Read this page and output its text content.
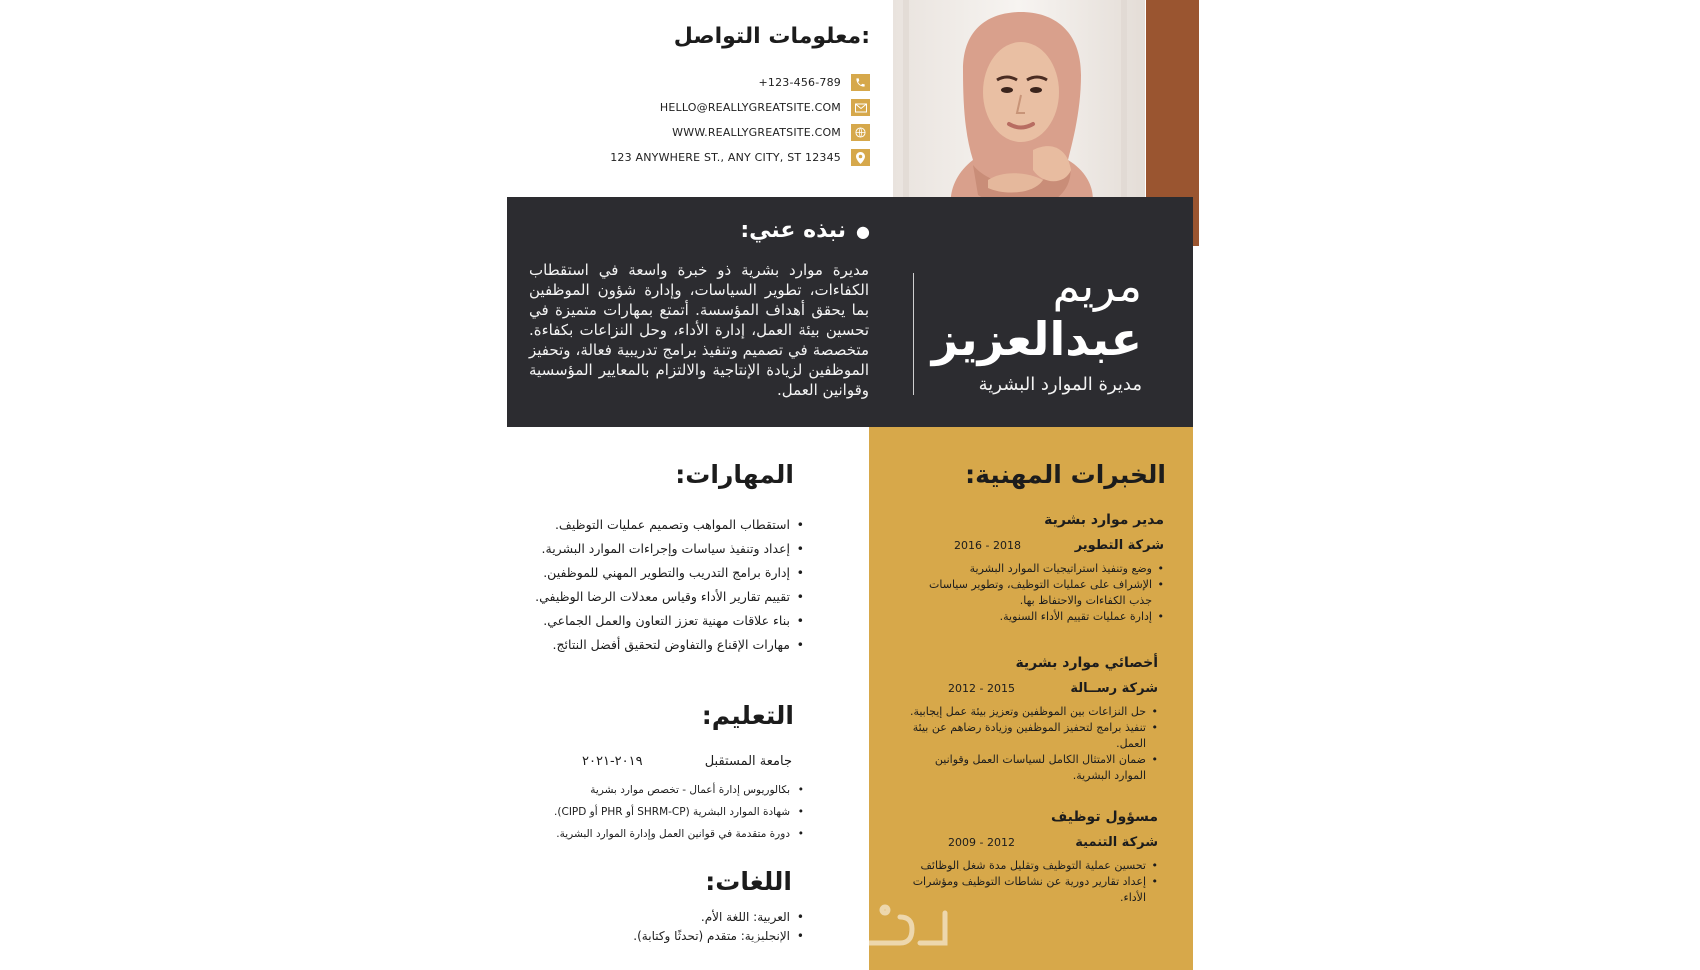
معلومات التواصل:
+123-456-789
HELLO@REALLYGREATSITE.COM
WWW.REALLYGREATSITE.COM
123 ANYWHERE ST., ANY CITY, ST 12345
مريم
عبدالعزيز
مديرة الموارد البشرية
●نبذه عني:
مديرة موارد بشرية ذو خبرة واسعة في استقطاب الكفاءات، تطوير السياسات، وإدارة شؤون الموظفين بما يحقق أهداف المؤسسة. أتمتع بمهارات متميزة في تحسين بيئة العمل، إدارة الأداء، وحل النزاعات بكفاءة. متخصصة في تصميم وتنفيذ برامج تدريبية فعالة، وتحفيز الموظفين لزيادة الإنتاجية والالتزام بالمعايير المؤسسية وقوانين العمل.
الخبرات المهنية:
مدير موارد بشرية
شركة التطوير
2016 - 2018
• وضع وتنفيذ استراتيجيات الموارد البشرية
• الإشراف على عمليات التوظيف، وتطوير سياسات جذب الكفاءات والاحتفاظ بها.
• إدارة عمليات تقييم الأداء السنوية.
أخصائي موارد بشرية
شركة رســالة
2012 - 2015
• حل النزاعات بين الموظفين وتعزيز بيئة عمل إيجابية.
• تنفيذ برامج لتحفيز الموظفين وزيادة رضاهم عن بيئة العمل.
• ضمان الامتثال الكامل لسياسات العمل وقوانين الموارد البشرية.
مسؤول توظيف
شركة التنمية
2009 - 2012
• تحسين عملية التوظيف وتقليل مدة شغل الوظائف
• إعداد تقارير دورية عن نشاطات التوظيف ومؤشرات الأداء.
المهارات:
• استقطاب المواهب وتصميم عمليات التوظيف.
• إعداد وتنفيذ سياسات وإجراءات الموارد البشرية.
• إدارة برامج التدريب والتطوير المهني للموظفين.
• تقييم تقارير الأداء وقياس معدلات الرضا الوظيفي.
• بناء علاقات مهنية تعزز التعاون والعمل الجماعي.
• مهارات الإقناع والتفاوض لتحقيق أفضل النتائج.
التعليم:
جامعة المستقبل
٢٠١٩-٢٠٢١
• بكالوريوس إدارة أعمال - تخصص موارد بشرية
• شهادة الموارد البشرية (SHRM-CP أو PHR أو CIPD).
• دورة متقدمة في قوانين العمل وإدارة الموارد البشرية.
اللغات:
• العربية: اللغة الأم.
• الإنجليزية: متقدم (تحدثًا وكتابة).
